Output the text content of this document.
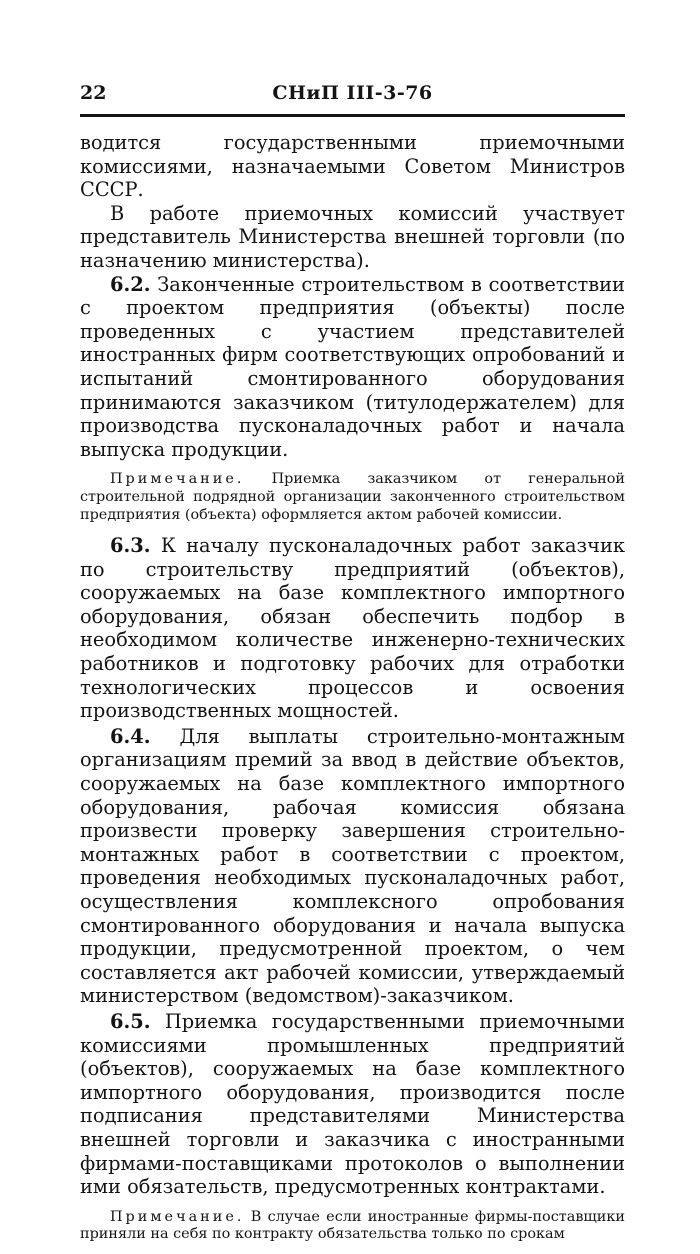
22	СНиП III-3-76

водится государственными приемочными комиссиями, назначаемыми Советом Министров СССР.

В работе приемочных комиссий участвует представитель Министерства внешней торговли (по назначению министерства).

6.2. Законченные строительством в соответствии с проектом предприятия (объекты) после проведенных с участием представителей иностранных фирм соответствующих опробований и испытаний смонтированного оборудования принимаются заказчиком (титулодержателем) для производства пусконаладочных работ и начала выпуска продукции.

Примечание. Приемка заказчиком от генеральной строительной подрядной организации законченного строительством предприятия (объекта) оформляется актом рабочей комиссии.

6.3. К началу пусконаладочных работ заказчик по строительству предприятий (объектов), сооружаемых на базе комплектного импортного оборудования, обязан обеспечить подбор в необходимом количестве инженерно-технических работников и подготовку рабочих для отработки технологических процессов и освоения производственных мощностей.

6.4. Для выплаты строительно-монтажным организациям премий за ввод в действие объектов, сооружаемых на базе комплектного импортного оборудования, рабочая комиссия обязана произвести проверку завершения строительно-монтажных работ в соответствии с проектом, проведения необходимых пусконаладочных работ, осуществления комплексного опробования смонтированного оборудования и начала выпуска продукции, предусмотренной проектом, о чем составляется акт рабочей комиссии, утверждаемый министерством (ведомством)-заказчиком.

6.5. Приемка государственными приемочными комиссиями промышленных предприятий (объектов), сооружаемых на базе комплектного импортного оборудования, производится после подписания представителями Министерства внешней торговли и заказчика с иностранными фирмами-поставщиками протоколов о выполнении ими обязательств, предусмотренных контрактами.

Примечание. В случае если иностранные фирмы-поставщики приняли на себя по контракту обязательства только по срокам
